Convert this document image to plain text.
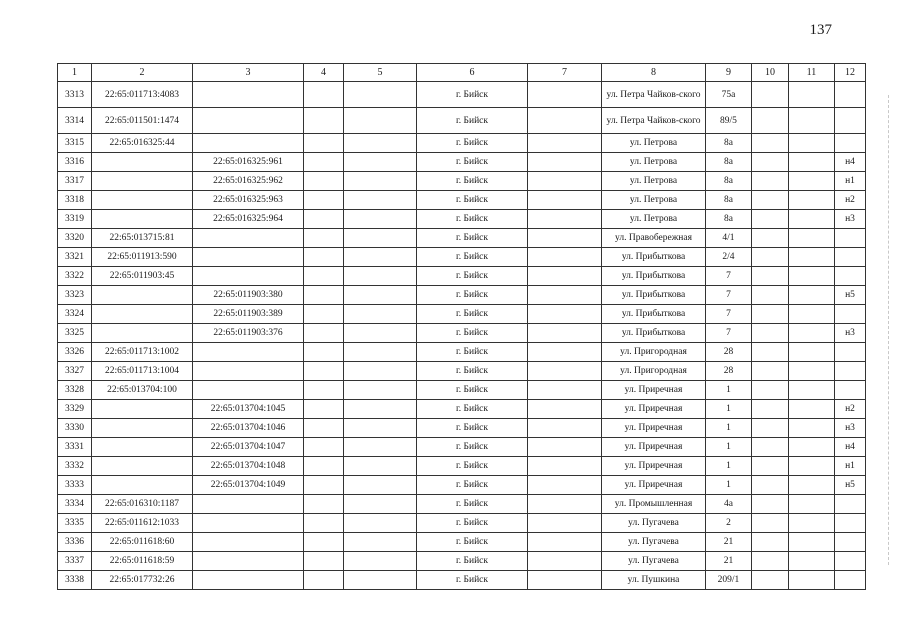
137
1	2	3	4	5	6	7	8	9	10	11	12
3313	22:65:011713:4083				г. Бийск		ул. Петра Чайков-ского	75а			
3314	22:65:011501:1474				г. Бийск		ул. Петра Чайков-ского	89/5			
3315	22:65:016325:44				г. Бийск		ул. Петрова	8а			
3316		22:65:016325:961			г. Бийск		ул. Петрова	8а			н4
3317		22:65:016325:962			г. Бийск		ул. Петрова	8а			н1
3318		22:65:016325:963			г. Бийск		ул. Петрова	8а			н2
3319		22:65:016325:964			г. Бийск		ул. Петрова	8а			н3
3320	22:65:013715:81				г. Бийск		ул. Правобережная	4/1			
3321	22:65:011913:590				г. Бийск		ул. Прибыткова	2/4			
3322	22:65:011903:45				г. Бийск		ул. Прибыткова	7			
3323		22:65:011903:380			г. Бийск		ул. Прибыткова	7			н5
3324		22:65:011903:389			г. Бийск		ул. Прибыткова	7			
3325		22:65:011903:376			г. Бийск		ул. Прибыткова	7			н3
3326	22:65:011713:1002				г. Бийск		ул. Пригородная	28			
3327	22:65:011713:1004				г. Бийск		ул. Пригородная	28			
3328	22:65:013704:100				г. Бийск		ул. Приречная	1			
3329		22:65:013704:1045			г. Бийск		ул. Приречная	1			н2
3330		22:65:013704:1046			г. Бийск		ул. Приречная	1			н3
3331		22:65:013704:1047			г. Бийск		ул. Приречная	1			н4
3332		22:65:013704:1048			г. Бийск		ул. Приречная	1			н1
3333		22:65:013704:1049			г. Бийск		ул. Приречная	1			н5
3334	22:65:016310:1187				г. Бийск		ул. Промышленная	4а			
3335	22:65:011612:1033				г. Бийск		ул. Пугачева	2			
3336	22:65:011618:60				г. Бийск		ул. Пугачева	21			
3337	22:65:011618:59				г. Бийск		ул. Пугачева	21			
3338	22:65:017732:26				г. Бийск		ул. Пушкина	209/1			
